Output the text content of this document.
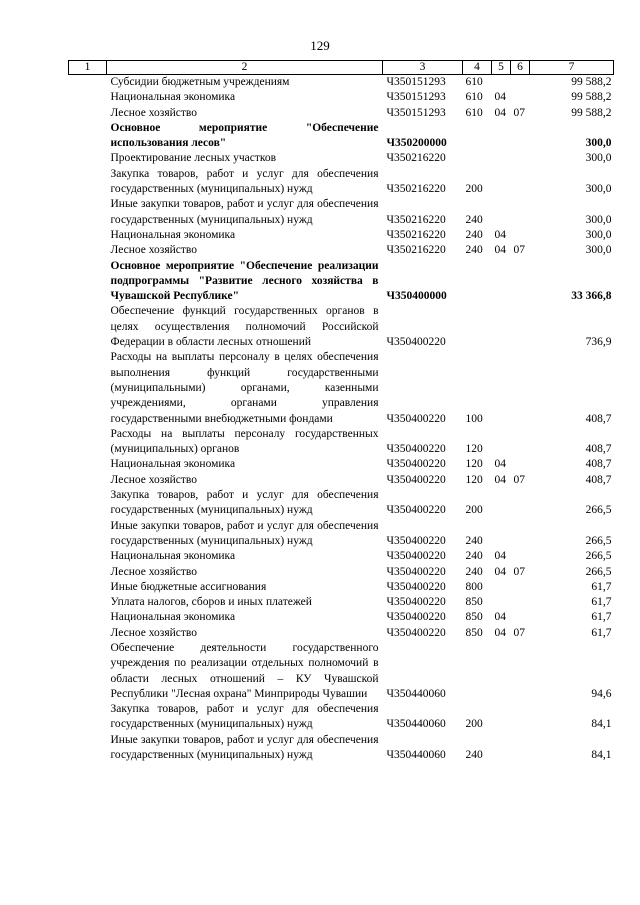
129
1	2	3	4	5	6	7
	Субсидии бюджетным учреждениям	Ч350151293	610			99 588,2
	Национальная экономика	Ч350151293	610	04		99 588,2
	Лесное хозяйство	Ч350151293	610	04	07	99 588,2
	Основное мероприятие "Обеспечение использования лесов"	Ч350200000				300,0
	Проектирование лесных участков	Ч350216220				300,0
	Закупка товаров, работ и услуг для обеспечения государственных (муниципальных) нужд	Ч350216220	200			300,0
	Иные закупки товаров, работ и услуг для обеспечения государственных (муниципальных) нужд	Ч350216220	240			300,0
	Национальная экономика	Ч350216220	240	04		300,0
	Лесное хозяйство	Ч350216220	240	04	07	300,0
	Основное мероприятие "Обеспечение реализации подпрограммы "Развитие лесного хозяйства в Чувашской Республике"	Ч350400000				33 366,8
	Обеспечение функций государственных органов в целях осуществления полномочий Российской Федерации в области лесных отношений	Ч350400220				736,9
	Расходы на выплаты персоналу в целях обеспечения выполнения функций государственными (муниципальными) органами, казенными учреждениями, органами управления государственными внебюджетными фондами	Ч350400220	100			408,7
	Расходы на выплаты персоналу государственных (муниципальных) органов	Ч350400220	120			408,7
	Национальная экономика	Ч350400220	120	04		408,7
	Лесное хозяйство	Ч350400220	120	04	07	408,7
	Закупка товаров, работ и услуг для обеспечения государственных (муниципальных) нужд	Ч350400220	200			266,5
	Иные закупки товаров, работ и услуг для обеспечения государственных (муниципальных) нужд	Ч350400220	240			266,5
	Национальная экономика	Ч350400220	240	04		266,5
	Лесное хозяйство	Ч350400220	240	04	07	266,5
	Иные бюджетные ассигнования	Ч350400220	800			61,7
	Уплата налогов, сборов и иных платежей	Ч350400220	850			61,7
	Национальная экономика	Ч350400220	850	04		61,7
	Лесное хозяйство	Ч350400220	850	04	07	61,7
	Обеспечение деятельности государственного учреждения по реализации отдельных полномочий в области лесных отношений – КУ Чувашской Республики "Лесная охрана" Минприроды Чувашии	Ч350440060				94,6
	Закупка товаров, работ и услуг для обеспечения государственных (муниципальных) нужд	Ч350440060	200			84,1
	Иные закупки товаров, работ и услуг для обеспечения государственных (муниципальных) нужд	Ч350440060	240			84,1
